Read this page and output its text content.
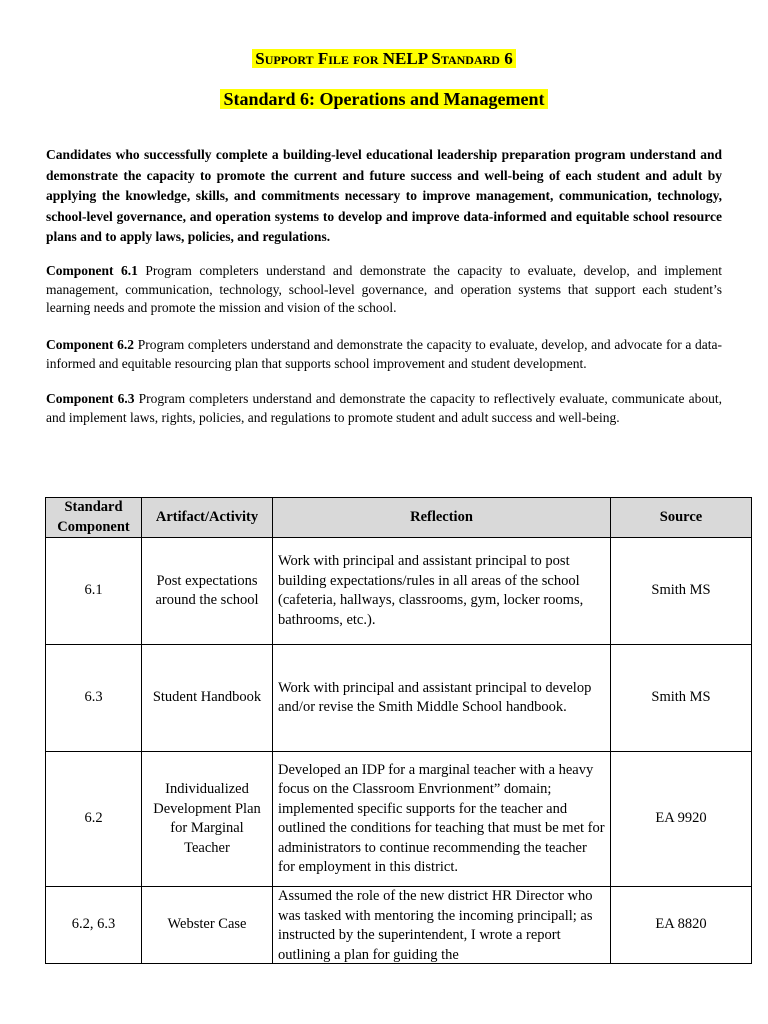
Support File for NELP Standard 6
Standard 6: Operations and Management

Candidates who successfully complete a building-level educational leadership preparation program understand and demonstrate the capacity to promote the current and future success and well-being of each student and adult by applying the knowledge, skills, and commitments necessary to improve management, communication, technology, school-level governance, and operation systems to develop and improve data-informed and equitable school resource plans and to apply laws, policies, and regulations.

Component 6.1 Program completers understand and demonstrate the capacity to evaluate, develop, and implement management, communication, technology, school-level governance, and operation systems that support each student’s learning needs and promote the mission and vision of the school.

Component 6.2 Program completers understand and demonstrate the capacity to evaluate, develop, and advocate for a data-informed and equitable resourcing plan that supports school improvement and student development.

Component 6.3 Program completers understand and demonstrate the capacity to reflectively evaluate, communicate about, and implement laws, rights, policies, and regulations to promote student and adult success and well-being.

Standard Component	Artifact/Activity	Reflection	Source
6.1	Post expectations around the school	Work with principal and assistant principal to post building expectations/rules in all areas of the school (cafeteria, hallways, classrooms, gym, locker rooms, bathrooms, etc.).	Smith MS
6.3	Student Handbook	Work with principal and assistant principal to develop and/or revise the Smith Middle School handbook.	Smith MS
6.2	Individualized Development Plan for Marginal Teacher	Developed an IDP for a marginal teacher with a heavy focus on the Classroom Envrionment” domain; implemented specific supports for the teacher and outlined the conditions for teaching that must be met for administrators to continue recommending the teacher for employment in this district.	EA 9920
6.2, 6.3	Webster Case	Assumed the role of the new district HR Director who was tasked with mentoring the incoming principall; as instructed by the superintendent, I wrote a report outlining a plan for guiding the	EA 8820
